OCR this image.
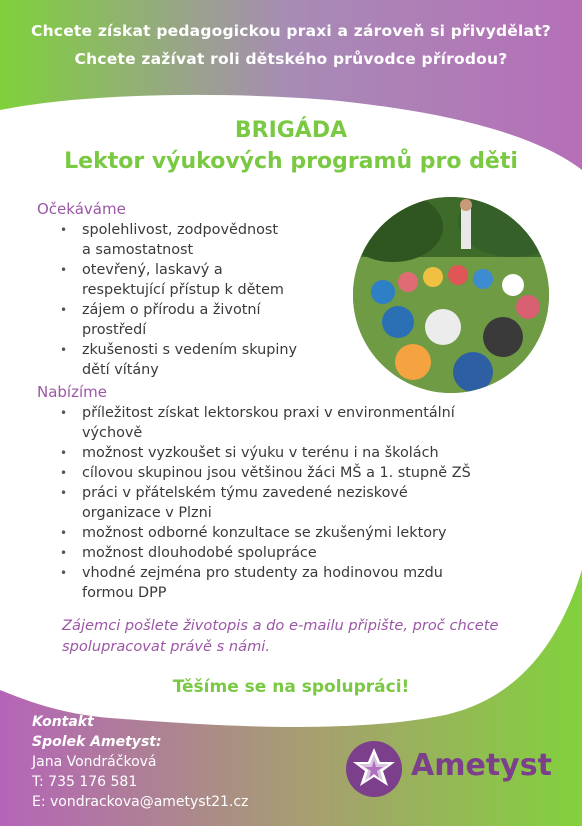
Chcete získat pedagogickou praxi a zároveň si přivydělat?
Chcete zažívat roli dětského průvodce přírodou?
BRIGÁDA
Lektor výukových programů pro děti
Očekáváme
• spolehlivost, zodpovědnost
a samostatnost
• otevřený, laskavý a
respektující přístup k dětem
• zájem o přírodu a životní
prostředí
• zkušenosti s vedením skupiny
dětí vítány
Nabízíme
• příležitost získat lektorskou praxi v environmentální
výchově
• možnost vyzkoušet si výuku v terénu i na školách
• cílovou skupinou jsou většinou žáci MŠ a 1. stupně ZŠ
• práci v přátelském týmu zavedené neziskové
organizace v Plzni
• možnost odborné konzultace se zkušenými lektory
• možnost dlouhodobé spolupráce
• vhodné zejména pro studenty za hodinovou mzdu
formou DPP
Zájemci pošlete životopis a do e-mailu připište, proč chcete
spolupracovat právě s námi.
Těšíme se na spolupráci!
Kontakt
Spolek Ametyst:
Jana Vondráčková
T: 735 176 581
E: vondrackova@ametyst21.cz
Ametyst
